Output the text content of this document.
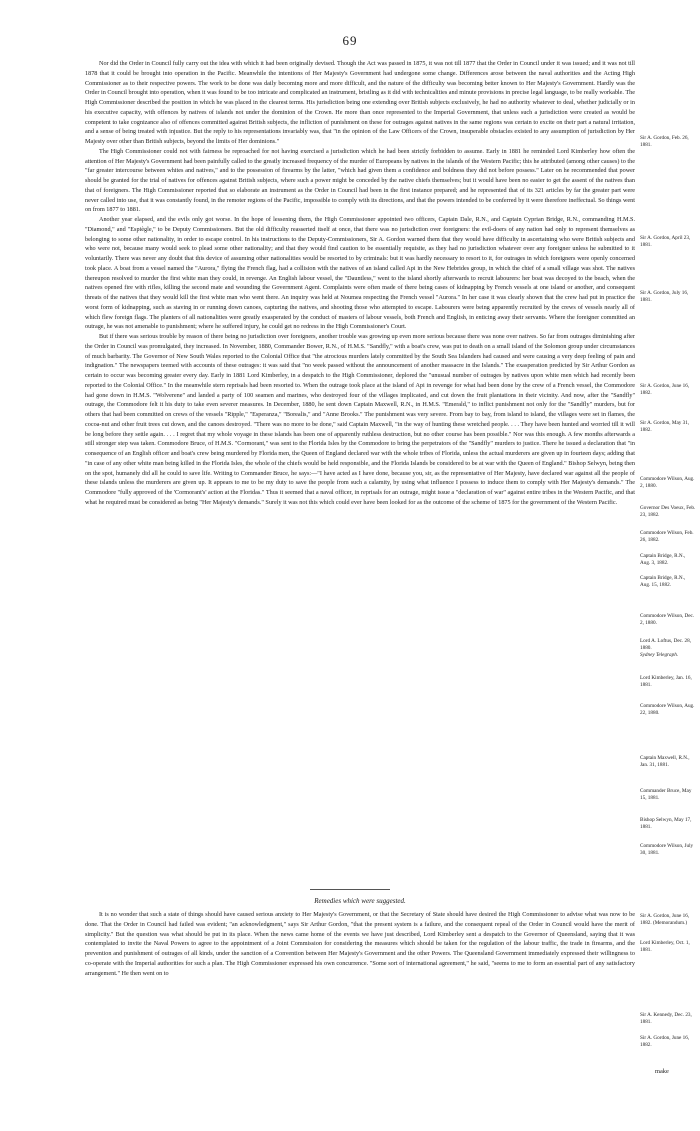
69

Nor did the Order in Council fully carry out the idea with which it had been originally devised. Though the Act was passed in 1875, it was not till 1877 that the Order in Council under it was issued; and it was not till 1878 that it could be brought into operation in the Pacific. Meanwhile the intentions of Her Majesty's Government had undergone some change. Differences arose between the naval authorities and the Acting High Commissioner as to their respective powers. The work to be done was daily becoming more and more difficult, and the nature of the difficulty was becoming better known to Her Majesty's Government. Hardly was the Order in Council brought into operation, when it was found to be too intricate and complicated an instrument, bristling as it did with technicalities and minute provisions in precise legal language, to be really workable. The High Commissioner described the position in which he was placed in the clearest terms. His jurisdiction being one extending over British subjects exclusively, he had no authority whatever to deal, whether judicially or in his executive capacity, with offences by natives of islands not under the dominion of the Crown. He more than once represented to the Imperial Government, that unless such a jurisdiction were created as would be competent to take cognizance also of offences committed against British subjects, the infliction of punishment on these for outrages against natives in the same regions was certain to excite on their part a natural irritation, and a sense of being treated with injustice. But the reply to his representations invariably was, that "in the opinion of the Law Officers of the Crown, insuperable obstacles existed to any assumption of jurisdiction by Her Majesty over other than British subjects, beyond the limits of Her dominions."

The High Commissioner could not with fairness be reproached for not having exercised a jurisdiction which he had been strictly forbidden to assume. Early in 1881 he reminded Lord Kimberley how often the attention of Her Majesty's Government had been painfully called to the greatly increased frequency of the murder of Europeans by natives in the islands of the Western Pacific; this he attributed (among other causes) to the "far greater intercourse between whites and natives," and to the possession of firearms by the latter, "which had given them a confidence and boldness they did not before possess." Later on he recommended that power should be granted for the trial of natives for offences against British subjects, where such a power might be conceded by the native chiefs themselves; but it would have been no easier to get the assent of the natives than that of foreigners. The High Commissioner reported that so elaborate an instrument as the Order in Council had been in the first instance prepared; and he represented that of its 321 articles by far the greater part were never called into use, that it was constantly found, in the remoter regions of the Pacific, impossible to comply with its directions, and that the powers intended to be conferred by it were therefore ineffectual. So things went on from 1877 to 1881.

Another year elapsed, and the evils only got worse. In the hope of lessening them, the High Commissioner appointed two officers, Captain Dale, R.N., and Captain Cyprian Bridge, R.N., commanding H.M.S. "Diamond," and "Espiègle," to be Deputy Commissioners. But the old difficulty reasserted itself at once, that there was no jurisdiction over foreigners: the evil-doers of any nation had only to represent themselves as belonging to some other nationality, in order to escape control. In his instructions to the Deputy-Commissioners, Sir A. Gordon warned them that they would have difficulty in ascertaining who were British subjects and who were not, because many would seek to plead some other nationality; and that they would find caution to be essentially requisite, as they had no jurisdiction whatever over any foreigner unless he submitted to it voluntarily. There was never any doubt that this device of assuming other nationalities would be resorted to by criminals: but it was hardly necessary to resort to it, for outrages in which foreigners were openly concerned took place. A boat from a vessel named the "Aurora," flying the French flag, had a collision with the natives of an island called Api in the New Hebrides group, in which the chief of a small village was shot. The natives thereupon resolved to murder the first white man they could, in revenge. An English labour vessel, the "Dauntless," went to the island shortly afterwards to recruit labourers: her boat was decoyed to the beach, when the natives opened fire with rifles, killing the second mate and wounding the Government Agent. Complaints were often made of there being cases of kidnapping by French vessels at one island or another, and consequent threats of the natives that they would kill the first white man who went there. An inquiry was held at Noumea respecting the French vessel "Aurora." In her case it was clearly shown that the crew had put in practice the worst form of kidnapping, such as staving in or running down canoes, capturing the natives, and shooting those who attempted to escape. Labourers were being apparently recruited by the crews of vessels nearly all of which flew foreign flags. The planters of all nationalities were greatly exasperated by the conduct of masters of labour vessels, both French and English, in enticing away their servants. Where the foreigner committed an outrage, he was not amenable to punishment; where he suffered injury, he could get no redress in the High Commissioner's Court.

But if there was serious trouble by reason of there being no jurisdiction over foreigners, another trouble was growing up even more serious because there was none over natives. So far from outrages diminishing after the Order in Council was promulgated, they increased. In November, 1880, Commander Bower, R.N., of H.M.S. "Sandfly," with a boat's crew, was put to death on a small island of the Solomon group under circumstances of much barbarity. The Governor of New South Wales reported to the Colonial Office that "the atrocious murders lately committed by the South Sea Islanders had caused and were causing a very deep feeling of pain and indignation." The newspapers teemed with accounts of these outrages: it was said that "no week passed without the announcement of another massacre in the Islands." The exasperation predicted by Sir Arthur Gordon as certain to occur was becoming greater every day. Early in 1881 Lord Kimberley, in a despatch to the High Commissioner, deplored the "unusual number of outrages by natives upon white men which had recently been reported to the Colonial Office." In the meanwhile stern reprisals had been resorted to. When the outrage took place at the island of Api in revenge for what had been done by the crew of a French vessel, the Commodore had gone down in H.M.S. "Wolverene" and landed a party of 100 seamen and marines, who destroyed four of the villages implicated, and cut down the fruit plantations in their vicinity. And now, after the "Sandfly" outrage, the Commodore felt it his duty to take even severer measures. In December, 1880, he sent down Captain Maxwell, R.N., in H.M.S. "Emerald," to inflict punishment not only for the "Sandfly" murders, but for others that had been committed on crews of the vessels "Ripple," "Esperanza," "Borealis," and "Anne Brooks." The punishment was very severe. From bay to bay, from island to island, the villages were set in flames, the cocoa-nut and other fruit trees cut down, and the canoes destroyed. "There was no more to be done," said Captain Maxwell, "in the way of hunting these wretched people. . . . They have been hunted and worried till it will be long before they settle again. . . . I regret that my whole voyage in these islands has been one of apparently ruthless destruction, but no other course has been possible." Nor was this enough. A few months afterwards a still stronger step was taken. Commodore Bruce, of H.M.S. "Cormorant," was sent to the Florida Isles by the Commodore to bring the perpetrators of the "Sandfly" murders to justice. There he issued a declaration that "in consequence of an English officer and boat's crew being murdered by Florida men, the Queen of England declared war with the whole tribes of Florida, unless the actual murderers are given up in fourteen days; adding that "in case of any other white man being killed in the Florida Isles, the whole of the chiefs would be held responsible, and the Florida Islands be considered to be at war with the Queen of England." Bishop Selwyn, being then on the spot, humanely did all he could to save life. Writing to Commander Bruce, he says:—"I have acted as I have done, because you, sir, as the representative of Her Majesty, have declared war against all the people of these islands unless the murderers are given up. It appears to me to be my duty to save the people from such a calamity, by using what influence I possess to induce them to comply with Her Majesty's demands." The Commodore "fully approved of the 'Cormorant's' action at the Floridas." Thus it seemed that a naval officer, in reprisals for an outrage, might issue a "declaration of war" against entire tribes in the Western Pacific, and that what he required must be considered as being "Her Majesty's demands." Surely it was not this which could ever have been looked for as the outcome of the scheme of 1875 for the government of the Western Pacific.

Remedies which were suggested.

It is no wonder that such a state of things should have caused serious anxiety to Her Majesty's Government, or that the Secretary of State should have desired the High Commissioner to advise what was now to be done. That the Order in Council had failed was evident; "an acknowledgment," says Sir Arthur Gordon, "that the present system is a failure, and the consequent repeal of the Order in Council would have the merit of simplicity." But the question was what should be put in its place. When the news came home of the events we have just described, Lord Kimberley sent a despatch to the Governor of Queensland, saying that it was contemplated to invite the Naval Powers to agree to the appointment of a Joint Commission for considering the measures which should be taken for the regulation of the labour traffic, the trade in firearms, and the prevention and punishment of outrages of all kinds, under the sanction of a Convention between Her Majesty's Government and the other Powers. The Queensland Government immediately expressed their willingness to co-operate with the Imperial authorities for such a plan. The High Commissioner expressed his own concurrence. "Some sort of international agreement," he said, "seems to me to form an essential part of any satisfactory arrangement." He then went on to

Sir A. Gordon, Feb. 26, 1881.
Sir A. Gordon, April 23, 1881.
Sir A. Gordon, July 16, 1881.
Sir A. Gordon, June 16, 1882.
Sir A. Gordon, May 31, 1882.
Commodore Wilson, Aug. 2, 1880.
Governor Des Voeux, Feb. 23, 1882.
Commodore Wilson, Feb. 26, 1882.
Captain Bridge, R.N., Aug. 3, 1882.
Captain Bridge, R.N., Aug. 15, 1882.
Commodore Wilson, Dec. 2, 1880.
Lord A. Loftus, Dec. 28, 1880.
Sydney Telegraph.
Lord Kimberley, Jan. 16, 1881.
Commodore Wilson, Aug. 22, 1880.
Captain Maxwell, R.N., Jan. 31, 1881.
Commander Bruce, May 15, 1881.
Bishop Selwyn, May 17, 1881.
Commodore Wilson, July 30, 1881.
Sir A. Gordon, June 16, 1882. (Memorandum.)
Lord Kimberley, Oct. 1, 1881.
Sir A. Kennedy, Dec. 23, 1881.
Sir A. Gordon, June 16, 1882.
make
